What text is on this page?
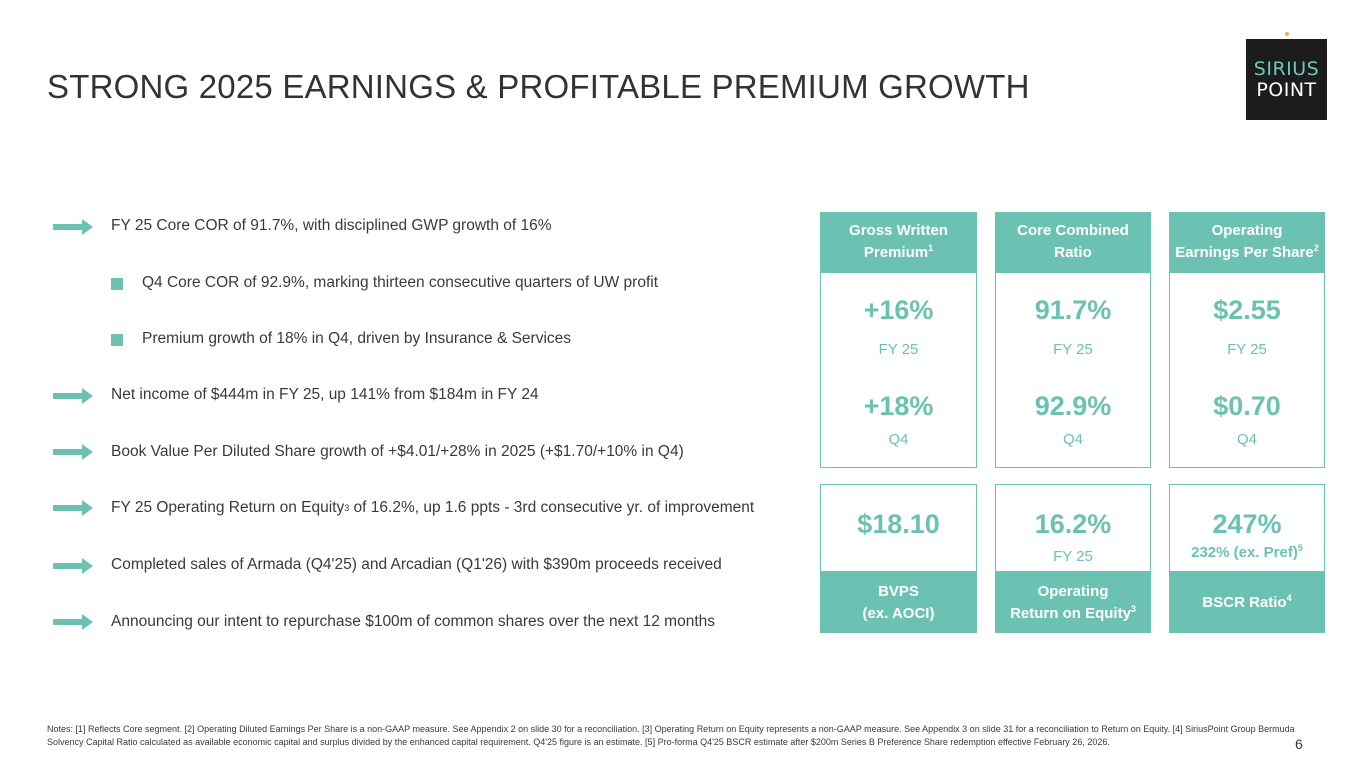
STRONG 2025 EARNINGS & PROFITABLE PREMIUM GROWTH	SIRIUS
POINT
FY 25 Core COR of 91.7%, with disciplined GWP growth of 16%
Q4 Core COR of 92.9%, marking thirteen consecutive quarters of UW profit
Premium growth of 18% in Q4, driven by Insurance & Services
Net income of $444m in FY 25, up 141% from $184m in FY 24
Book Value Per Diluted Share growth of +$4.01/+28% in 2025 (+$1.70/+10% in Q4)
FY 25 Operating Return on Equity 3 of 16.2%, up 1.6 ppts - 3rd consecutive yr. of improvement
Completed sales of Armada (Q4'25) and Arcadian (Q1'26) with $390m proceeds received
Announcing our intent to repurchase $100m of common shares over the next 12 months
Gross Written
Premium$^1$
+16%
FY 25
+18%
Q4
Core Combined
Ratio
91.7%
FY 25
92.9%
Q4
Operating
Earnings Per Share$^2$
$2.55
FY 25
$0.70
Q4
$18.10
BVPS
(ex. AOCI)
16.2%
FY 25
Operating
Return on Equity$^3$
247%
232% (ex. Pref)$^5$
BSCR Ratio$^4$
Notes: [1] Reflects Core segment. [2] Operating Diluted Earnings Per Share is a non-GAAP measure. See Appendix 2 on slide 30 for a reconciliation. [3] Operating Return on Equity represents a non-GAAP measure. See Appendix 3 on slide 31 for a reconciliation to Return on Equity. [4] SiriusPoint Group Bermuda Solvency Capital Ratio calculated as available economic capital and surplus divided by the enhanced capital requirement. Q4'25 figure is an estimate. [5] Pro-forma Q4'25 BSCR estimate after $200m Series B Preference Share redemption effective February 26, 2026.	6
